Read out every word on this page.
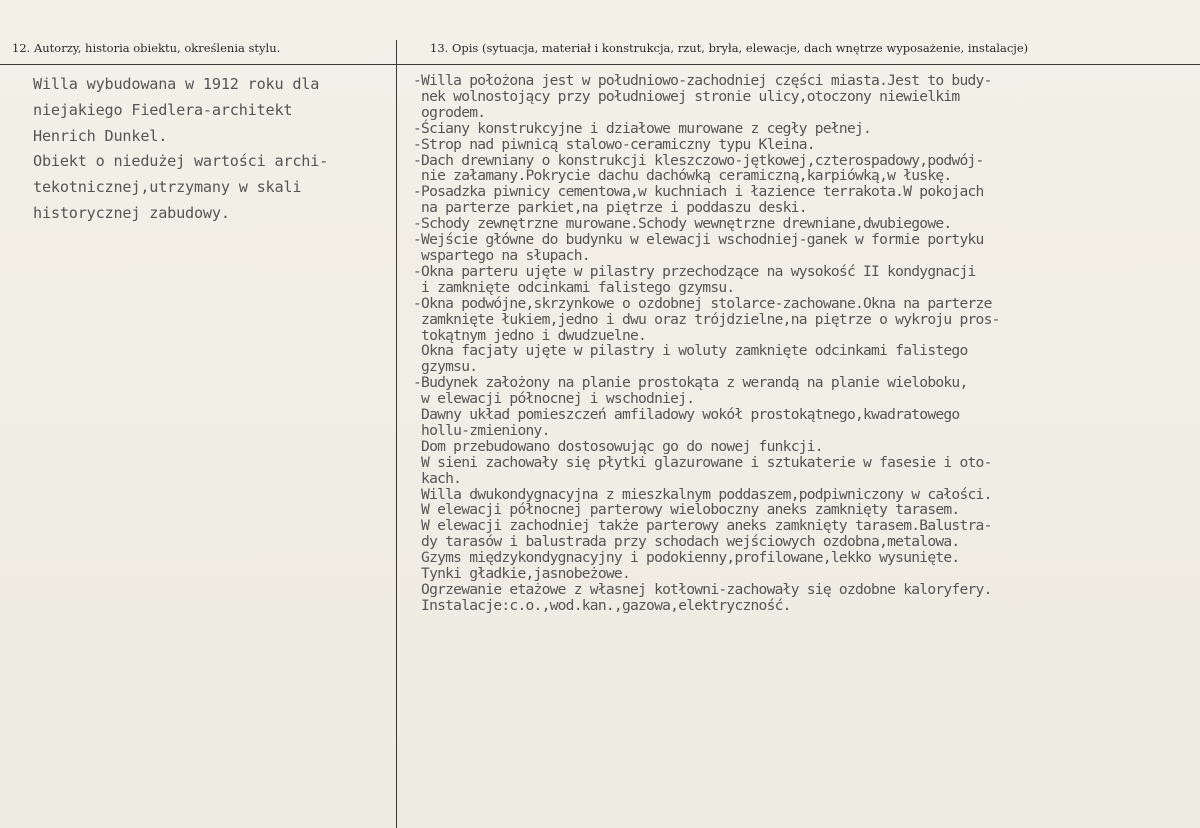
12. Autorzy, historia obiektu, określenia stylu.	13. Opis (sytuacja, materiał i konstrukcja, rzut, bryła, elewacje, dach wnętrze wyposażenie, instalacje)
Willa wybudowana w 1912 roku dla
niejakiego Fiedlera-architekt
Henrich Dunkel.
Obiekt o niedużej wartości archi-
tekotnicznej,utrzymany w skali
historycznej zabudowy.
-Willa położona jest w południowo-zachodniej części miasta.Jest to budy-
nek wolnostojący przy południowej stronie ulicy,otoczony niewielkim
ogrodem.
-Ściany konstrukcyjne i działowe murowane z cegły pełnej.
-Strop nad piwnicą stalowo-ceramiczny typu Kleina.
-Dach drewniany o konstrukcji kleszczowo-jętkowej,czterospadowy,podwój-
nie załamany.Pokrycie dachu dachówką ceramiczną,karpiówką,w łuskę.
-Posadzka piwnicy cementowa,w kuchniach i łazience terrakota.W pokojach
na parterze parkiet,na piętrze i poddaszu deski.
-Schody zewnętrzne murowane.Schody wewnętrzne drewniane,dwubiegowe.
-Wejście główne do budynku w elewacji wschodniej-ganek w formie portyku
wspartego na słupach.
-Okna parteru ujęte w pilastry przechodzące na wysokość II kondygnacji
i zamknięte odcinkami falistego gzymsu.
-Okna podwójne,skrzynkowe o ozdobnej stolarce-zachowane.Okna na parterze
zamknięte łukiem,jedno i dwu oraz trójdzielne,na piętrze o wykroju pros-
tokątnym jedno i dwudzuelne.
Okna facjaty ujęte w pilastry i woluty zamknięte odcinkami falistego
gzymsu.
-Budynek założony na planie prostokąta z werandą na planie wieloboku,
w elewacji północnej i wschodniej.
Dawny układ pomieszczeń amfiladowy wokół prostokątnego,kwadratowego
hollu-zmieniony.
Dom przebudowano dostosowując go do nowej funkcji.
W sieni zachowały się płytki glazurowane i sztukaterie w fasesie i oto-
kach.
Willa dwukondygnacyjna z mieszkalnym poddaszem,podpiwniczony w całości.
W elewacji północnej parterowy wieloboczny aneks zamknięty tarasem.
W elewacji zachodniej także parterowy aneks zamknięty tarasem.Balustra-
dy tarasów i balustrada przy schodach wejściowych ozdobna,metalowa.
Gzyms międzykondygnacyjny i podokienny,profilowane,lekko wysunięte.
Tynki gładkie,jasnobeżowe.
Ogrzewanie etażowe z własnej kotłowni-zachowały się ozdobne kaloryfery.
Instalacje:c.o.,wod.kan.,gazowa,elektryczność.
